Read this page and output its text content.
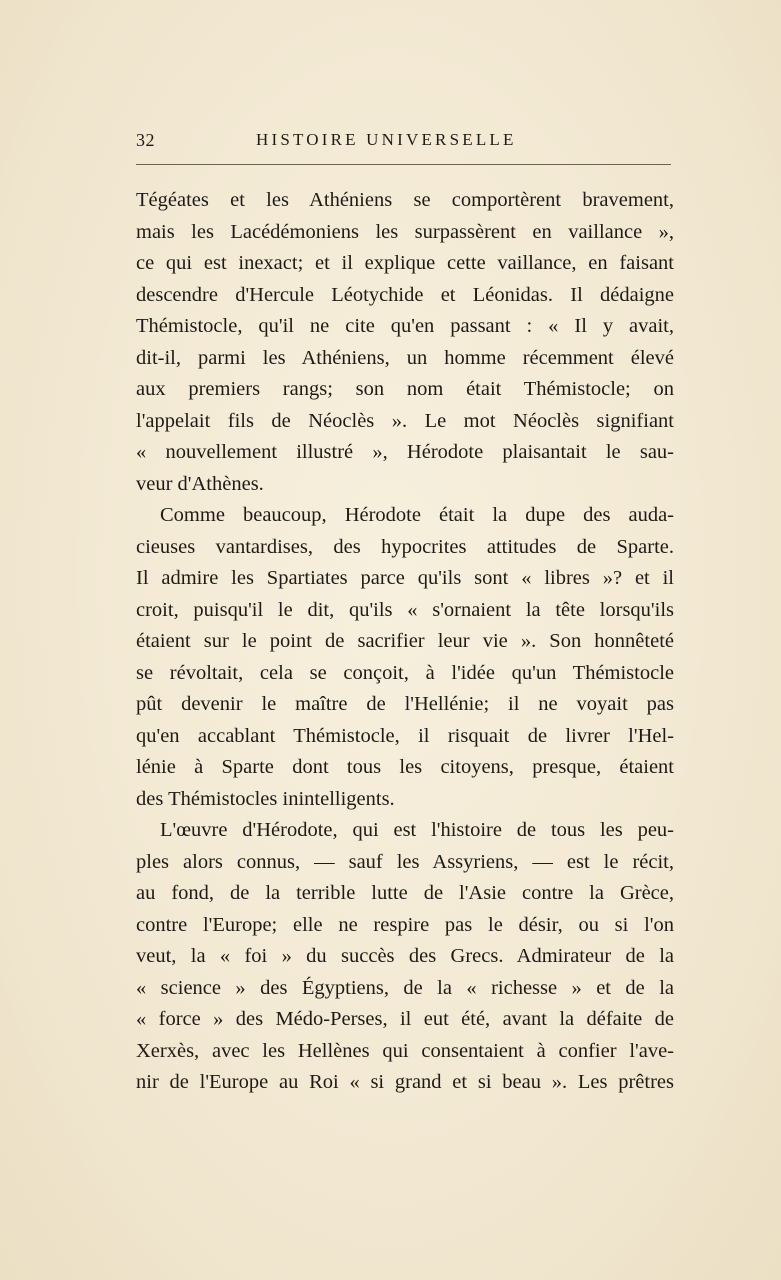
32	HISTOIRE UNIVERSELLE
Tégéates et les Athéniens se comportèrent bravement,
mais les Lacédémoniens les surpassèrent en vaillance »,
ce qui est inexact; et il explique cette vaillance, en faisant
descendre d'Hercule Léotychide et Léonidas. Il dédaigne
Thémistocle, qu'il ne cite qu'en passant : « Il y avait,
dit-il, parmi les Athéniens, un homme récemment élevé
aux premiers rangs; son nom était Thémistocle; on
l'appelait fils de Néoclès ». Le mot Néoclès signifiant
« nouvellement illustré », Hérodote plaisantait le sau-
veur d'Athènes.
Comme beaucoup, Hérodote était la dupe des auda-
cieuses vantardises, des hypocrites attitudes de Sparte.
Il admire les Spartiates parce qu'ils sont « libres »? et il
croit, puisqu'il le dit, qu'ils « s'ornaient la tête lorsqu'ils
étaient sur le point de sacrifier leur vie ». Son honnêteté
se révoltait, cela se conçoit, à l'idée qu'un Thémistocle
pût devenir le maître de l'Hellénie; il ne voyait pas
qu'en accablant Thémistocle, il risquait de livrer l'Hel-
lénie à Sparte dont tous les citoyens, presque, étaient
des Thémistocles inintelligents.
L'œuvre d'Hérodote, qui est l'histoire de tous les peu-
ples alors connus, — sauf les Assyriens, — est le récit,
au fond, de la terrible lutte de l'Asie contre la Grèce,
contre l'Europe; elle ne respire pas le désir, ou si l'on
veut, la « foi » du succès des Grecs. Admirateur de la
« science » des Égyptiens, de la « richesse » et de la
« force » des Médo-Perses, il eut été, avant la défaite de
Xerxès, avec les Hellènes qui consentaient à confier l'ave-
nir de l'Europe au Roi « si grand et si beau ». Les prêtres
